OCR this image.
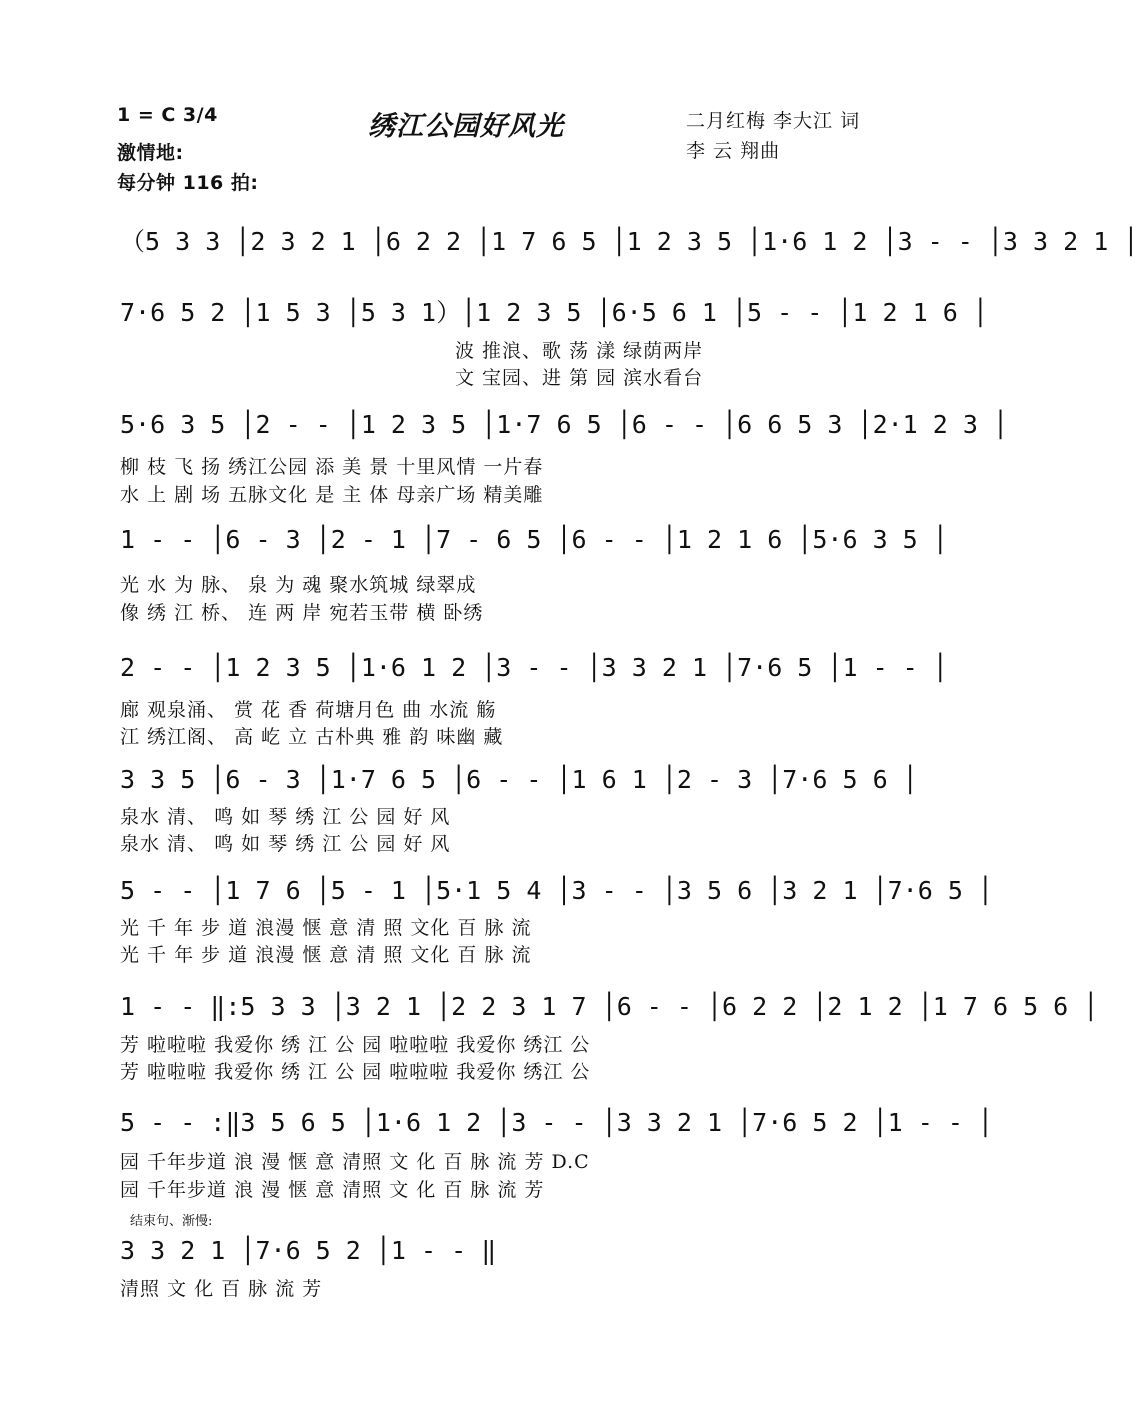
1 = C 3/4
激情地:
每分钟 116 拍:
绣江公园好风光	二月红梅 李大江 词
李 云 翔曲
（5 3 3 │2 3 2 1 │6 2 2 │1 7 6 5 │1 2 3 5 │1·6 1 2 │3 - - │3 3 2 1 │
7·6 5 2 │1 5 3 │5 3 1）│1 2 3 5 │6·5 6 1 │5 - - │1 2 1 6 │
波 推浪、歌 荡 漾 绿荫两岸
文 宝园、进 第 园 滨水看台
5·6 3 5 │2 - - │1 2 3 5 │1·7 6 5 │6 - - │6 6 5 3 │2·1 2 3 │
柳 枝 飞 扬 绣江公园 添 美 景 十里风情 一片春
水 上 剧 场 五脉文化 是 主 体 母亲广场 精美雕
1 - - │6 - 3 │2 - 1 │7 - 6 5 │6 - - │1 2 1 6 │5·6 3 5 │
光 水 为 脉、 泉 为 魂 聚水筑城 绿翠成
像 绣 江 桥、 连 两 岸 宛若玉带 横 卧绣
2 - - │1 2 3 5 │1·6 1 2 │3 - - │3 3 2 1 │7·6 5 │1 - - │
廊 观泉涌、 赏 花 香 荷塘月色 曲 水流 觞
江 绣江阁、 高 屹 立 古朴典 雅 韵 味幽 藏
3 3 5 │6 - 3 │1·7 6 5 │6 - - │1 6 1 │2 - 3 │7·6 5 6 │
泉水 清、 鸣 如 琴 绣 江 公 园 好 风
泉水 清、 鸣 如 琴 绣 江 公 园 好 风
5 - - │1 7 6 │5 - 1 │5·1 5 4 │3 - - │3 5 6 │3 2 1 │7·6 5 │
光 千 年 步 道 浪漫 惬 意 清 照 文化 百 脉 流
光 千 年 步 道 浪漫 惬 意 清 照 文化 百 脉 流
1 - - ‖:5 3 3 │3 2 1 │2 2 3 1 7 │6 - - │6 2 2 │2 1 2 │1 7 6 5 6 │
芳 啦啦啦 我爱你 绣 江 公 园 啦啦啦 我爱你 绣江 公
芳 啦啦啦 我爱你 绣 江 公 园 啦啦啦 我爱你 绣江 公
5 - - :‖3 5 6 5 │1·6 1 2 │3 - - │3 3 2 1 │7·6 5 2 │1 - - │
园 千年步道 浪 漫 惬 意 清照 文 化 百 脉 流 芳 D.C
园 千年步道 浪 漫 惬 意 清照 文 化 百 脉 流 芳
结束句、渐慢:
3 3 2 1 │7·6 5 2 │1 - - ‖
清照 文 化 百 脉 流 芳
